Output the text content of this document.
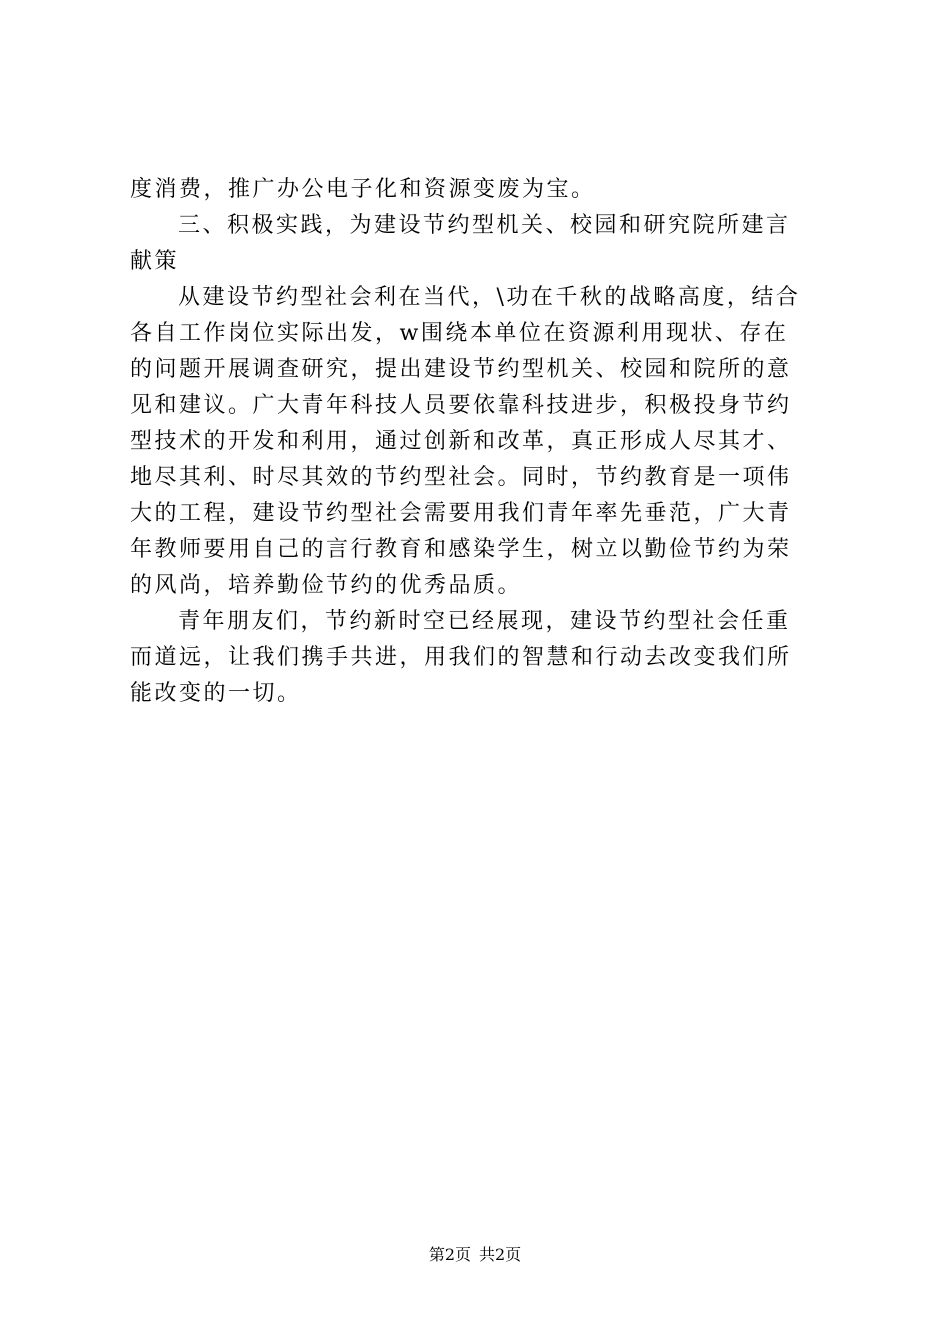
度消费，推广办公电子化和资源变废为宝。
三、积极实践，为建设节约型机关、校园和研究院所建言
献策
从建设节约型社会利在当代，\功在千秋的战略高度，结合
各自工作岗位实际出发，w围绕本单位在资源利用现状、存在
的问题开展调查研究，提出建设节约型机关、校园和院所的意
见和建议。广大青年科技人员要依靠科技进步，积极投身节约
型技术的开发和利用，通过创新和改革，真正形成人尽其才、
地尽其利、时尽其效的节约型社会。同时，节约教育是一项伟
大的工程，建设节约型社会需要用我们青年率先垂范，广大青
年教师要用自己的言行教育和感染学生，树立以勤俭节约为荣
的风尚，培养勤俭节约的优秀品质。
青年朋友们，节约新时空已经展现，建设节约型社会任重
而道远，让我们携手共进，用我们的智慧和行动去改变我们所
能改变的一切。
第2页 共2页
